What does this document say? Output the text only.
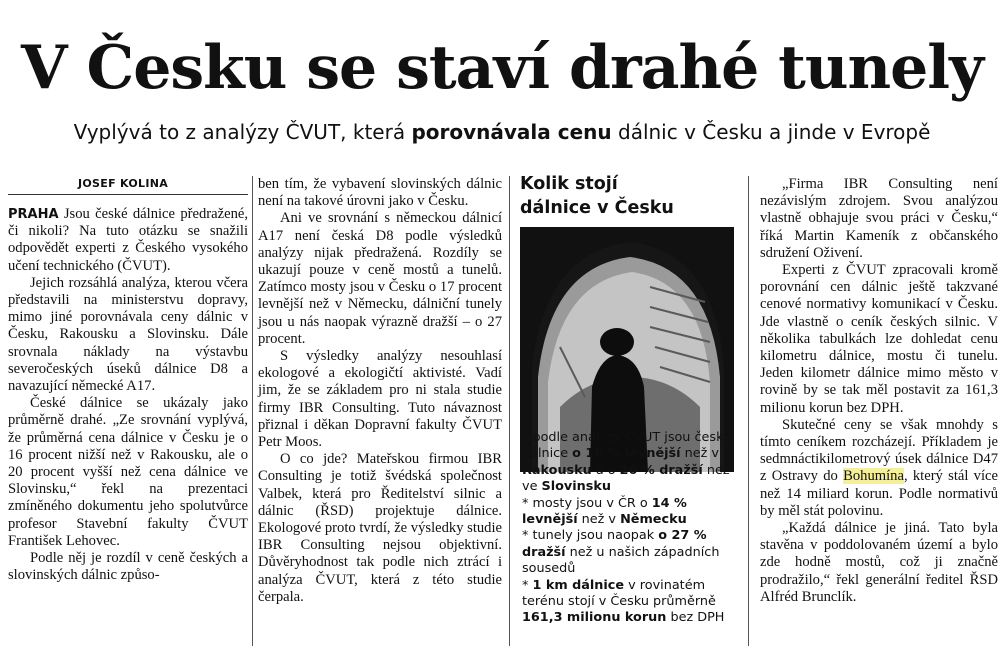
V Česku se staví drahé tunely
Vyplývá to z analýzy ČVUT, která porovnávala cenu dálnic v Česku a jinde v Evropě
JOSEF KOLINA

PRAHA Jsou české dálnice předražené, či nikoli? Na tuto otázku se snažili odpovědět experti z Českého vysokého učení technického (ČVUT).

Jejich rozsáhlá analýza, kterou včera představili na ministerstvu dopravy, mimo jiné porovnávala ceny dálnic v Česku, Rakousku a Slovinsku. Dále srovnala náklady na výstavbu severočeských úseků dálnice D8 a navazující německé A17.

České dálnice se ukázaly jako průměrně drahé. „Ze srovnání vyplývá, že průměrná cena dálnice v Česku je o 16 procent nižší než v Rakousku, ale o 20 procent vyšší než cena dálnice ve Slovinsku,“ řekl na prezentaci zmíněného dokumentu jeho spolutvůrce profesor Stavební fakulty ČVUT František Lehovec.

Podle něj je rozdíl v ceně českých a slovinských dálnic způso-

ben tím, že vybavení slovinských dálnic není na takové úrovni jako v Česku.

Ani ve srovnání s německou dálnicí A17 není česká D8 podle výsledků analýzy nijak předražená. Rozdíly se ukazují pouze v ceně mostů a tunelů. Zatímco mosty jsou v Česku o 17 procent levnější než v Německu, dálniční tunely jsou u nás naopak výrazně dražší – o 27 procent.

S výsledky analýzy nesouhlasí ekologové a ekologičtí aktivisté. Vadí jim, že se základem pro ni stala studie firmy IBR Consulting. Tuto návaznost přiznal i děkan Dopravní fakulty ČVUT Petr Moos.

O co jde? Mateřskou firmou IBR Consulting je totiž švédská společnost Valbek, která pro Ředitelství silnic a dálnic (ŘSD) projektuje dálnice. Ekologové proto tvrdí, že výsledky studie IBR Consulting nejsou objektivní. Důvěryhodnost tak podle nich ztrácí i analýza ČVUT, která z této studie čerpala.

Kolik stojí
dálnice v Česku
* podle analýzy ČVUT jsou české dálnice o 16 % levnější než v Rakousku a o 20 % dražší než ve Slovinsku
* mosty jsou v ČR o 14 % levnější než v Německu
* tunely jsou naopak o 27 % dražší než u našich západních sousedů
* 1 km dálnice v rovinatém terénu stojí v Česku průměrně 161,3 milionu korun bez DPH

„Firma IBR Consulting není nezávislým zdrojem. Svou analýzou vlastně obhajuje svou práci v Česku,“ říká Martin Kameník z občanského sdružení Oživení.

Experti z ČVUT zpracovali kromě porovnání cen dálnic ještě takzvané cenové normativy komunikací v Česku. Jde vlastně o ceník českých silnic. V několika tabulkách lze dohledat cenu kilometru dálnice, mostu či tunelu. Jeden kilometr dálnice mimo město v rovině by se tak měl postavit za 161,3 milionu korun bez DPH.

Skutečné ceny se však mnohdy s tímto ceníkem rozcházejí. Příkladem je sedmnáctikilometrový úsek dálnice D47 z Ostravy do Bohumína, který stál více než 14 miliard korun. Podle normativů by měl stát polovinu.

„Každá dálnice je jiná. Tato byla stavěna v poddolovaném území a bylo zde hodně mostů, což ji značně prodražilo,“ řekl generální ředitel ŘSD Alfréd Brunclík.
